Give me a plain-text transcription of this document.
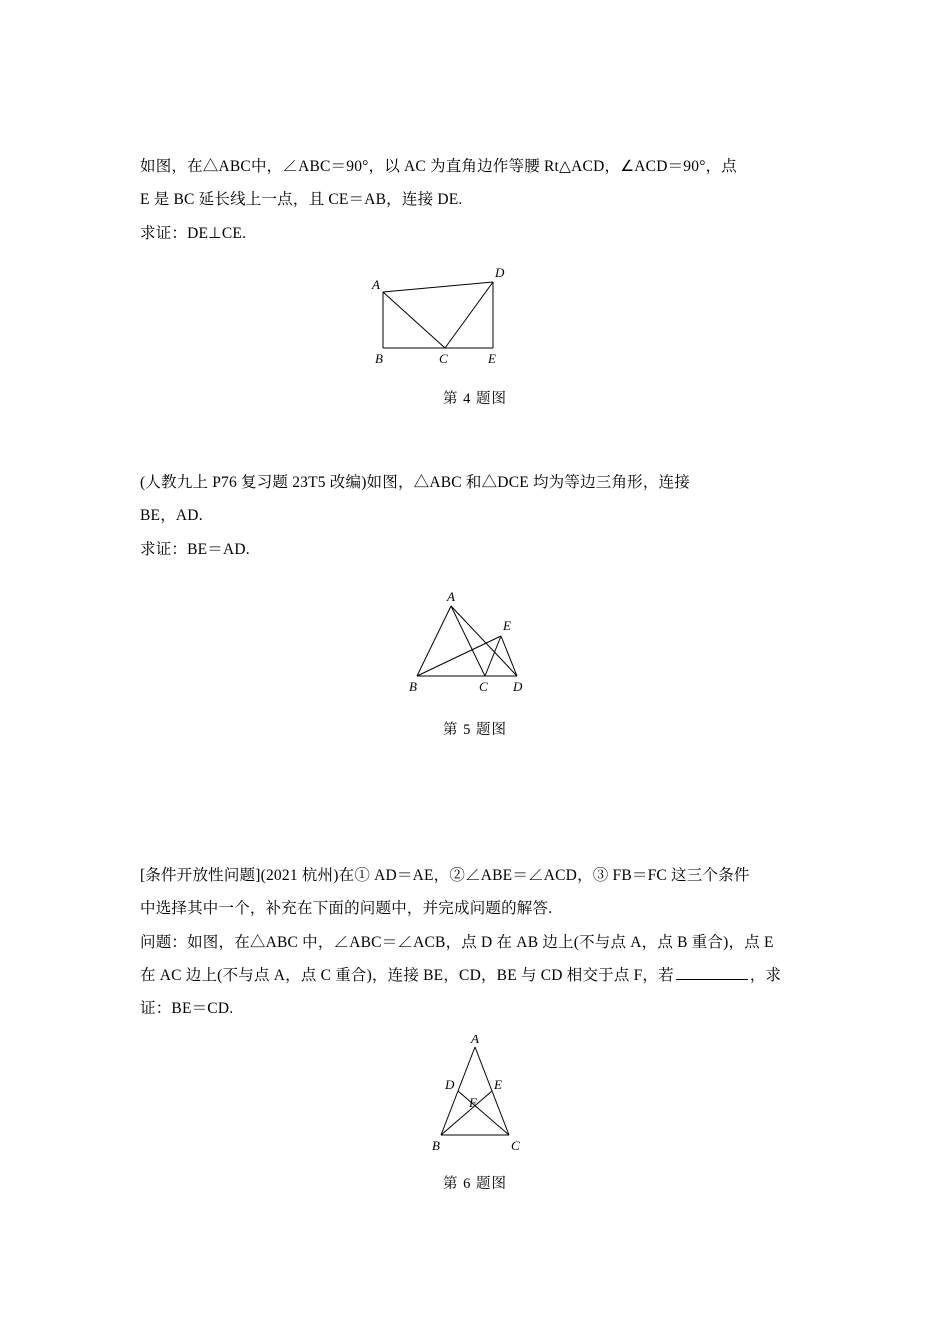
如图，在△ABC中，∠ABC＝90°，以 AC 为直角边作等腰 Rt△ACD，∠ACD＝90°，点
E 是 BC 延长线上一点，且 CE＝AB，连接 DE.
求证：DE⊥CE.
A
B	C
D
E
第 4 题图
(人教九上 P76 复习题 23T5 改编)如图，△ABC 和△DCE 均为等边三角形，连接
BE，AD.
求证：BE＝AD.
A
B	C D
E
第 5 题图
[条件开放性问题](2021 杭州)在① AD＝AE，②∠ABE＝∠ACD，③ FB＝FC 这三个条件
中选择其中一个，补充在下面的问题中，并完成问题的解答.
问题：如图，在△ABC 中，∠ABC＝∠ACB，点 D 在 AB 边上(不与点 A，点 B 重合)，点 E
在 AC 边上(不与点 A，点 C 重合)，连接 BE，CD，BE 与 CD 相交于点 F，若	，求
证：BE＝CD.
A
B	C
D	E
F
第 6 题图
